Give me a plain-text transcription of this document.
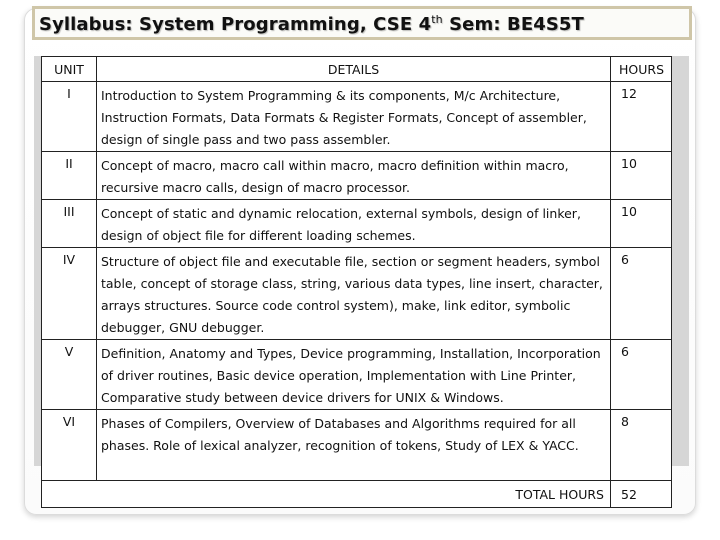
Syllabus: System Programming, CSE 4th Sem: BE4S5T
UNIT	DETAILS	HOURS
I	Introduction to System Programming & its components, M/c Architecture, Instruction Formats, Data Formats & Register Formats, Concept of assembler, design of single pass and two pass assembler.	12
II	Concept of macro, macro call within macro, macro definition within macro, recursive macro calls, design of macro processor.	10
III	Concept of static and dynamic relocation, external symbols, design of linker, design of object file for different loading schemes.	10
IV	Structure of object file and executable file, section or segment headers, symbol table, concept of storage class, string, various data types, line insert, character, arrays structures. Source code control system), make, link editor, symbolic debugger, GNU debugger.	6
V	Definition, Anatomy and Types, Device programming, Installation, Incorporation of driver routines, Basic device operation, Implementation with Line Printer, Comparative study between device drivers for UNIX & Windows.	6
VI	Phases of Compilers, Overview of Databases and Algorithms required for all phases. Role of lexical analyzer, recognition of tokens, Study of LEX & YACC.	8
TOTAL HOURS		52
